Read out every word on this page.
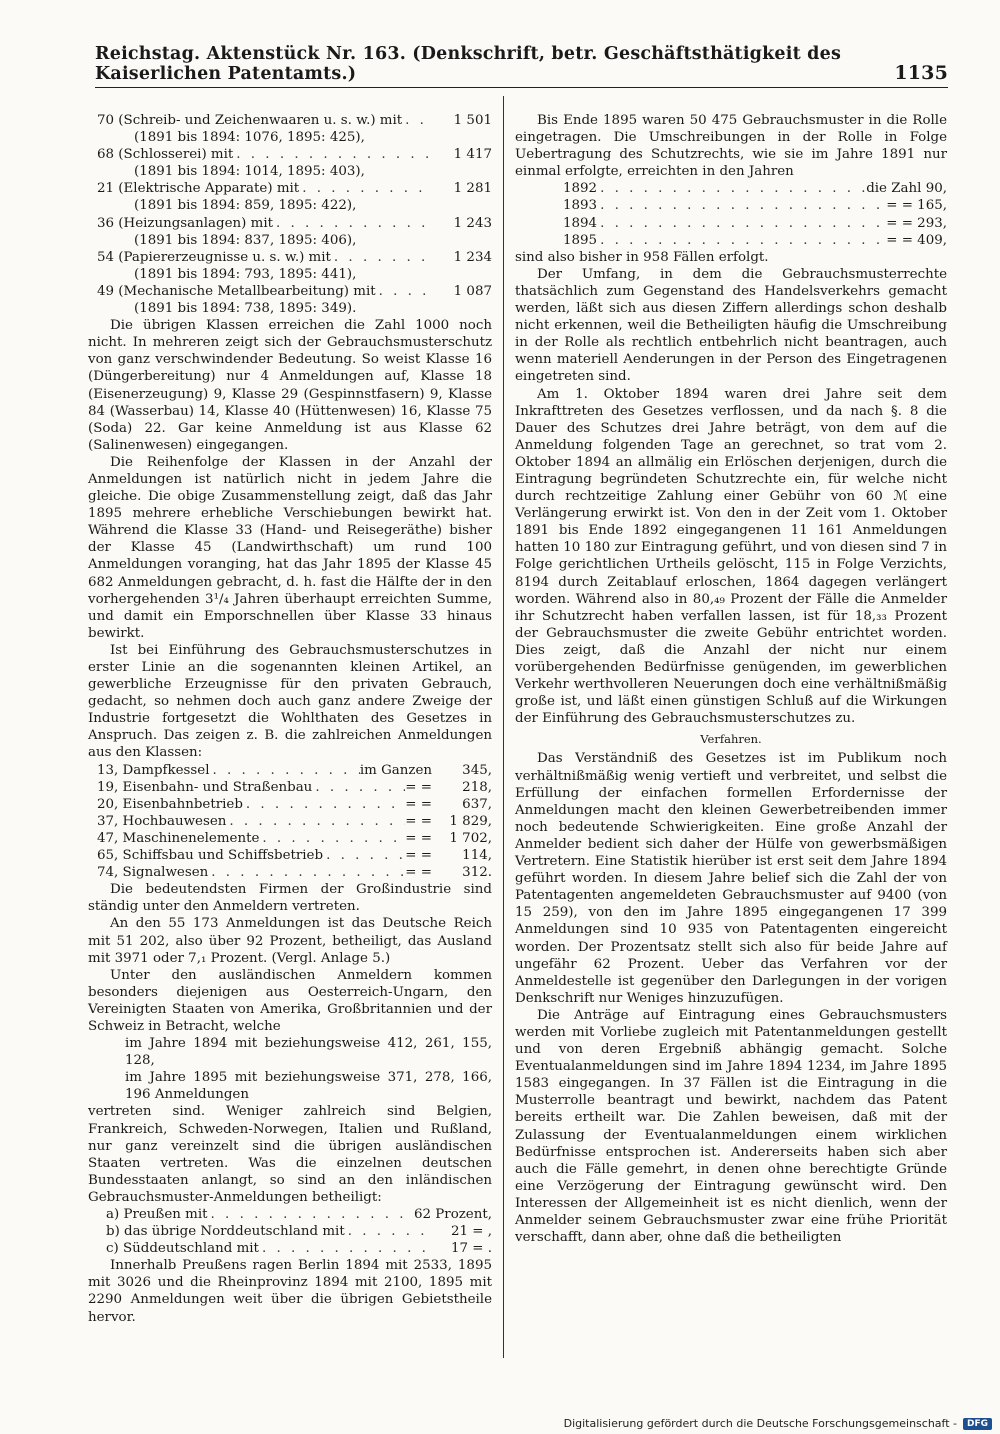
Reichstag. Aktenstück Nr. 163. (Denkschrift, betr. Geschäftsthätigkeit des Kaiserlichen Patentamts.)	1135
70 (Schreib- und Zeichenwaaren u. s. w.) mit . . .	1 501
(1891 bis 1894: 1076, 1895: 425),
68 (Schlosserei) mit . . .	1 417
(1891 bis 1894: 1014, 1895: 403),
21 (Elektrische Apparate) mit . . .	1 281
(1891 bis 1894: 859, 1895: 422),
36 (Heizungsanlagen) mit . . .	1 243
(1891 bis 1894: 837, 1895: 406),
54 (Papiererzeugnisse u. s. w.) mit . . .	1 234
(1891 bis 1894: 793, 1895: 441),
49 (Mechanische Metallbearbeitung) mit . . .	1 087
(1891 bis 1894: 738, 1895: 349).

Die übrigen Klassen erreichen die Zahl 1000 noch nicht. In mehreren zeigt sich der Gebrauchsmusterschutz von ganz verschwindender Bedeutung. So weist Klasse 16 (Düngerbereitung) nur 4 Anmeldungen auf, Klasse 18 (Eisenerzeugung) 9, Klasse 29 (Gespinnstfasern) 9, Klasse 84 (Wasserbau) 14, Klasse 40 (Hüttenwesen) 16, Klasse 75 (Soda) 22. Gar keine Anmeldung ist aus Klasse 62 (Salinenwesen) eingegangen.

Die Reihenfolge der Klassen in der Anzahl der Anmeldungen ist natürlich nicht in jedem Jahre die gleiche. Die obige Zusammenstellung zeigt, daß das Jahr 1895 mehrere erhebliche Verschiebungen bewirkt hat. Während die Klasse 33 (Hand- und Reisegeräthe) bisher der Klasse 45 (Landwirthschaft) um rund 100 Anmeldungen voranging, hat das Jahr 1895 der Klasse 45 682 Anmeldungen gebracht, d. h. fast die Hälfte der in den vorhergehenden 3¹/₄ Jahren überhaupt erreichten Summe, und damit ein Emporschnellen über Klasse 33 hinaus bewirkt.

Ist bei Einführung des Gebrauchsmusterschutzes in erster Linie an die sogenannten kleinen Artikel, an gewerbliche Erzeugnisse für den privaten Gebrauch, gedacht, so nehmen doch auch ganz andere Zweige der Industrie fortgesetzt die Wohlthaten des Gesetzes in Anspruch. Das zeigen z. B. die zahlreichen Anmeldungen aus den Klassen:

13, Dampfkessel . . .	im Ganzen	345,
19, Eisenbahn- und Straßenbau . . .	= =	218,
20, Eisenbahnbetrieb . . .	= =	637,
37, Hochbauwesen . . .	= =	1 829,
47, Maschinenelemente . . .	= =	1 702,
65, Schiffsbau und Schiffsbetrieb . . .	= =	114,
74, Signalwesen . . .	= =	312.

Die bedeutendsten Firmen der Großindustrie sind ständig unter den Anmeldern vertreten.

An den 55 173 Anmeldungen ist das Deutsche Reich mit 51 202, also über 92 Prozent, betheiligt, das Ausland mit 3971 oder 7,₁ Prozent. (Vergl. Anlage 5.)

Unter den ausländischen Anmeldern kommen besonders diejenigen aus Oesterreich-Ungarn, den Vereinigten Staaten von Amerika, Großbritannien und der Schweiz in Betracht, welche

im Jahre 1894 mit beziehungsweise 412, 261, 155, 128,

im Jahre 1895 mit beziehungsweise 371, 278, 166, 196 Anmeldungen

vertreten sind. Weniger zahlreich sind Belgien, Frankreich, Schweden-Norwegen, Italien und Rußland, nur ganz vereinzelt sind die übrigen ausländischen Staaten vertreten. Was die einzelnen deutschen Bundesstaaten anlangt, so sind an den inländischen Gebrauchsmuster-Anmeldungen betheiligt:

a) Preußen mit . . .	62 Prozent,
b) das übrige Norddeutschland mit . . .	21 = ,
c) Süddeutschland mit . . .	17 = .

Innerhalb Preußens ragen Berlin 1894 mit 2533, 1895 mit 3026 und die Rheinprovinz 1894 mit 2100, 1895 mit 2290 Anmeldungen weit über die übrigen Gebietstheile hervor.

Bis Ende 1895 waren 50 475 Gebrauchsmuster in die Rolle eingetragen. Die Umschreibungen in der Rolle in Folge Uebertragung des Schutzrechts, wie sie im Jahre 1891 nur einmal erfolgte, erreichten in den Jahren

1892 . . .	die Zahl 90,
1893 . . .	= = 165,
1894 . . .	= = 293,
1895 . . .	= = 409,

sind also bisher in 958 Fällen erfolgt.

Der Umfang, in dem die Gebrauchsmusterrechte thatsächlich zum Gegenstand des Handelsverkehrs gemacht werden, läßt sich aus diesen Ziffern allerdings schon deshalb nicht erkennen, weil die Betheiligten häufig die Umschreibung in der Rolle als rechtlich entbehrlich nicht beantragen, auch wenn materiell Aenderungen in der Person des Eingetragenen eingetreten sind.

Am 1. Oktober 1894 waren drei Jahre seit dem Inkrafttreten des Gesetzes verflossen, und da nach §. 8 die Dauer des Schutzes drei Jahre beträgt, von dem auf die Anmeldung folgenden Tage an gerechnet, so trat vom 2. Oktober 1894 an allmälig ein Erlöschen derjenigen, durch die Eintragung begründeten Schutzrechte ein, für welche nicht durch rechtzeitige Zahlung einer Gebühr von 60 ℳ eine Verlängerung erwirkt ist. Von den in der Zeit vom 1. Oktober 1891 bis Ende 1892 eingegangenen 11 161 Anmeldungen hatten 10 180 zur Eintragung geführt, und von diesen sind 7 in Folge gerichtlichen Urtheils gelöscht, 115 in Folge Verzichts, 8194 durch Zeitablauf erloschen, 1864 dagegen verlängert worden. Während also in 80,₄₉ Prozent der Fälle die Anmelder ihr Schutzrecht haben verfallen lassen, ist für 18,₃₃ Prozent der Gebrauchsmuster die zweite Gebühr entrichtet worden. Dies zeigt, daß die Anzahl der nicht nur einem vorübergehenden Bedürfnisse genügenden, im gewerblichen Verkehr werthvolleren Neuerungen doch eine verhältnißmäßig große ist, und läßt einen günstigen Schluß auf die Wirkungen der Einführung des Gebrauchsmusterschutzes zu.

Verfahren.

Das Verständniß des Gesetzes ist im Publikum noch verhältnißmäßig wenig vertieft und verbreitet, und selbst die Erfüllung der einfachen formellen Erfordernisse der Anmeldungen macht den kleinen Gewerbetreibenden immer noch bedeutende Schwierigkeiten. Eine große Anzahl der Anmelder bedient sich daher der Hülfe von gewerbsmäßigen Vertretern. Eine Statistik hierüber ist erst seit dem Jahre 1894 geführt worden. In diesem Jahre belief sich die Zahl der von Patentagenten angemeldeten Gebrauchsmuster auf 9400 (von 15 259), von den im Jahre 1895 eingegangenen 17 399 Anmeldungen sind 10 935 von Patentagenten eingereicht worden. Der Prozentsatz stellt sich also für beide Jahre auf ungefähr 62 Prozent. Ueber das Verfahren vor der Anmeldestelle ist gegenüber den Darlegungen in der vorigen Denkschrift nur Weniges hinzuzufügen.

Die Anträge auf Eintragung eines Gebrauchsmusters werden mit Vorliebe zugleich mit Patentanmeldungen gestellt und von deren Ergebniß abhängig gemacht. Solche Eventualanmeldungen sind im Jahre 1894 1234, im Jahre 1895 1583 eingegangen. In 37 Fällen ist die Eintragung in die Musterrolle beantragt und bewirkt, nachdem das Patent bereits ertheilt war. Die Zahlen beweisen, daß mit der Zulassung der Eventualanmeldungen einem wirklichen Bedürfnisse entsprochen ist. Andererseits haben sich aber auch die Fälle gemehrt, in denen ohne berechtigte Gründe eine Verzögerung der Eintragung gewünscht wird. Den Interessen der Allgemeinheit ist es nicht dienlich, wenn der Anmelder seinem Gebrauchsmuster zwar eine frühe Priorität verschafft, dann aber, ohne daß die betheiligten

Digitalisierung gefördert durch die Deutsche Forschungsgemeinschaft -	DFG
